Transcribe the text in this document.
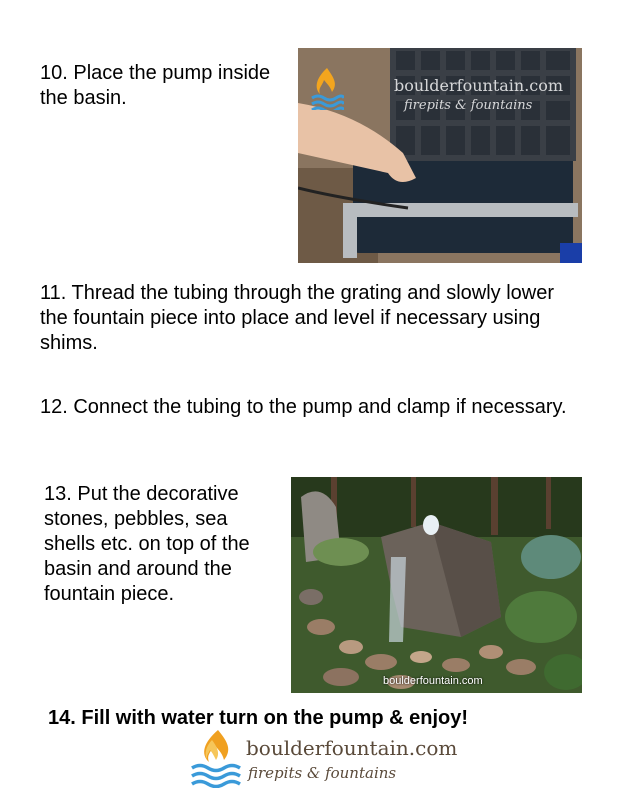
10. Place the pump inside the basin.

boulderfountain.com
firepits & fountains

11. Thread the tubing through the grating and slowly lower the fountain piece into place and level if necessary using shims.

12. Connect the tubing to the pump and clamp if necessary.

13. Put the decorative stones, pebbles, sea shells etc. on top of the basin and around the fountain piece.

boulderfountain.com

14. Fill with water turn on the pump & enjoy!

boulderfountain.com
firepits & fountains
